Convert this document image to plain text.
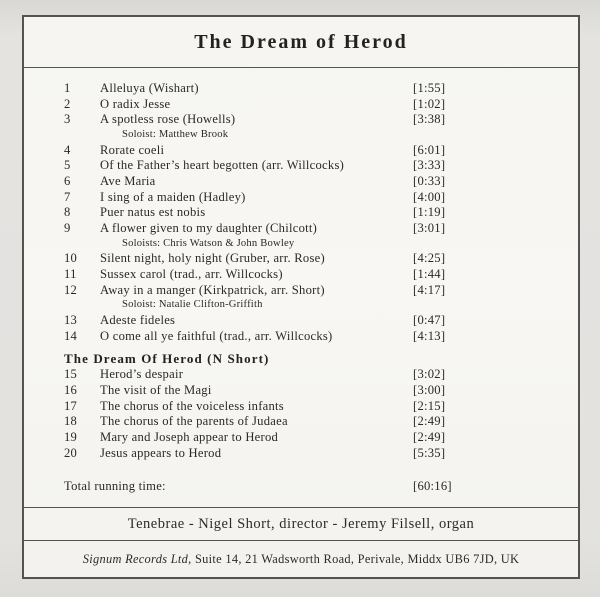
The Dream of Herod
1	Alleluya (Wishart)	[1:55]
2	O radix Jesse	[1:02]
3	A spotless rose (Howells)	[3:38]
Soloist: Matthew Brook
4	Rorate coeli	[6:01]
5	Of the Father’s heart begotten (arr. Willcocks)	[3:33]
6	Ave Maria	[0:33]
7	I sing of a maiden (Hadley)	[4:00]
8	Puer natus est nobis	[1:19]
9	A flower given to my daughter (Chilcott)	[3:01]
Soloists: Chris Watson & John Bowley
10	Silent night, holy night (Gruber, arr. Rose)	[4:25]
11	Sussex carol (trad., arr. Willcocks)	[1:44]
12	Away in a manger (Kirkpatrick, arr. Short)	[4:17]
Soloist: Natalie Clifton-Griffith
13	Adeste fideles	[0:47]
14	O come all ye faithful (trad., arr. Willcocks)	[4:13]
The Dream Of Herod (N Short)
15	Herod’s despair	[3:02]
16	The visit of the Magi	[3:00]
17	The chorus of the voiceless infants	[2:15]
18	The chorus of the parents of Judaea	[2:49]
19	Mary and Joseph appear to Herod	[2:49]
20	Jesus appears to Herod	[5:35]
Total running time:	[60:16]
Tenebrae - Nigel Short, director - Jeremy Filsell, organ
Signum Records Ltd, Suite 14, 21 Wadsworth Road, Perivale, Middx UB6 7JD, UK
